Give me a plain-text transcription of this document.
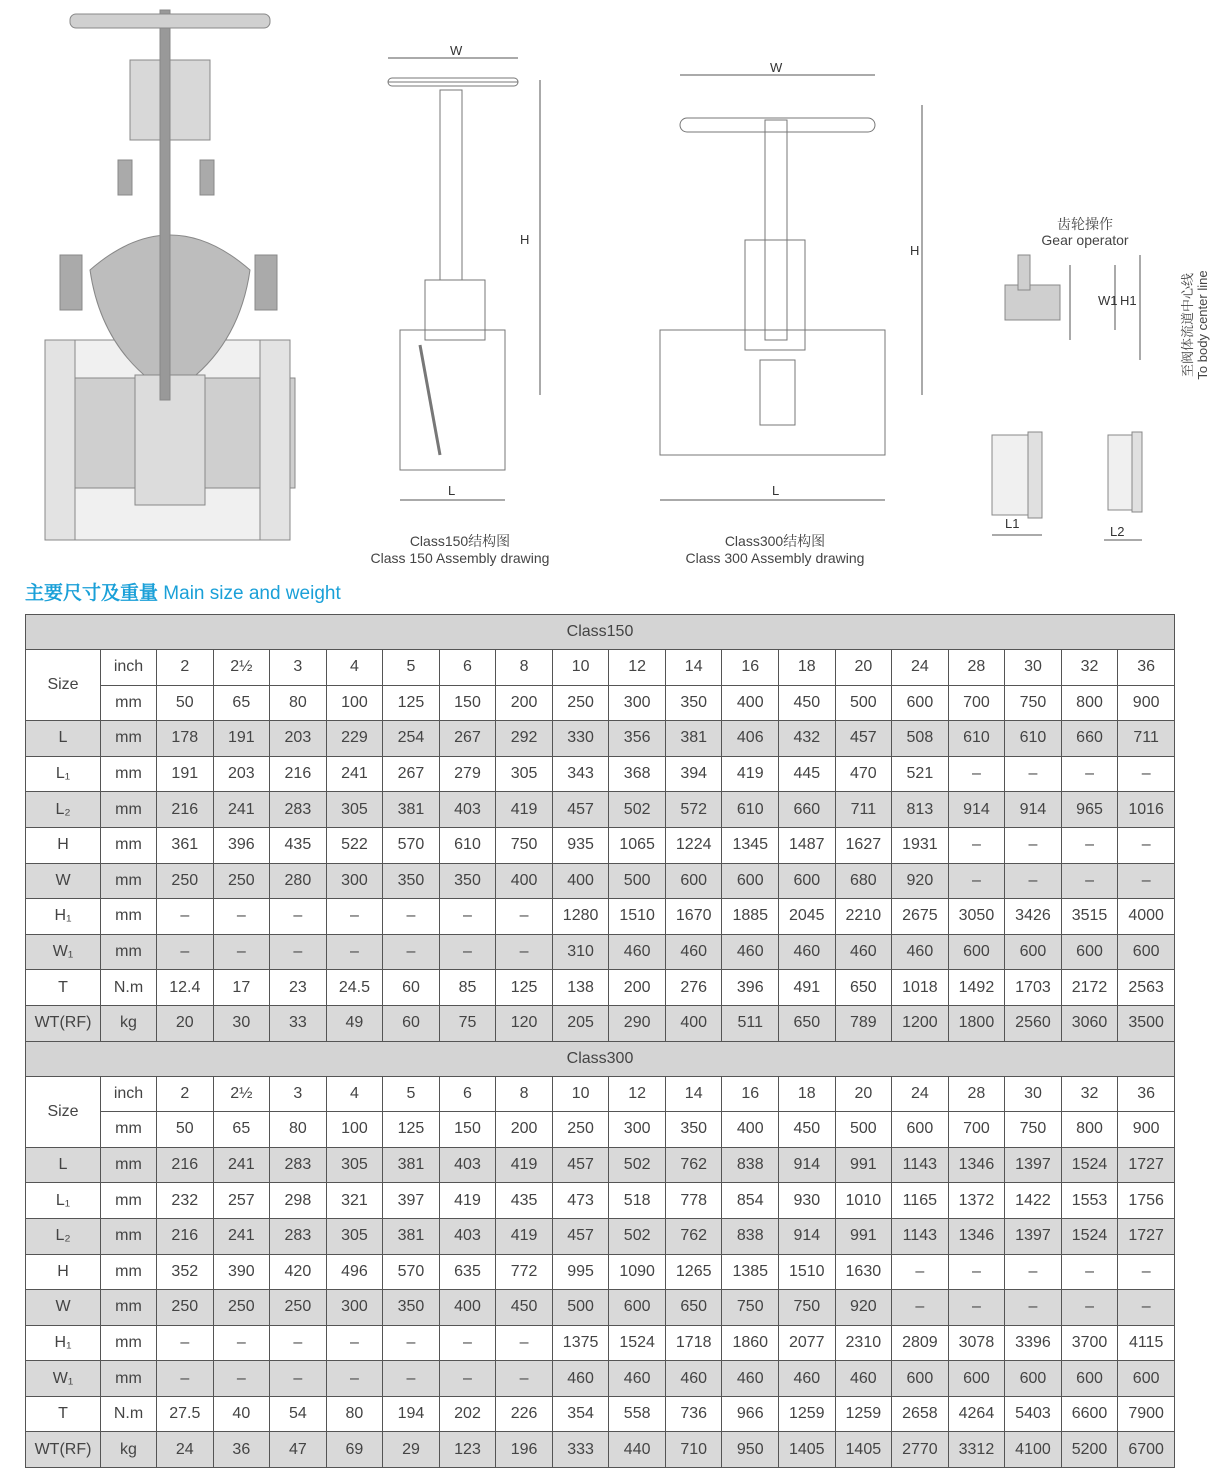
W
H
L
W
H
L
W1 H1
L1
L2
Class150结构图
Class 150 Assembly drawing
Class300结构图
Class 300 Assembly drawing
齿轮操作
Gear operator
至阀体流道中心线 To body center line
主要尺寸及重量 Main size and weight
Class150																			
Size	inch	2	2½	3	4	5	6	8	10	12	14	16	18	20	24	28	30	32	36
	mm	50	65	80	100	125	150	200	250	300	350	400	450	500	600	700	750	800	900
L	mm	178	191	203	229	254	267	292	330	356	381	406	432	457	508	610	610	660	711
L₁	mm	191	203	216	241	267	279	305	343	368	394	419	445	470	521	–	–	–	–
L₂	mm	216	241	283	305	381	403	419	457	502	572	610	660	711	813	914	914	965	1016
H	mm	361	396	435	522	570	610	750	935	1065	1224	1345	1487	1627	1931	–	–	–	–
W	mm	250	250	280	300	350	350	400	400	500	600	600	600	680	920	–	–	–	–
H₁	mm	–	–	–	–	–	–	–	1280	1510	1670	1885	2045	2210	2675	3050	3426	3515	4000
W₁	mm	–	–	–	–	–	–	–	310	460	460	460	460	460	460	600	600	600	600
T	N.m	12.4	17	23	24.5	60	85	125	138	200	276	396	491	650	1018	1492	1703	2172	2563
WT(RF)	kg	20	30	33	49	60	75	120	205	290	400	511	650	789	1200	1800	2560	3060	3500
Class300																			
Size	inch	2	2½	3	4	5	6	8	10	12	14	16	18	20	24	28	30	32	36
	mm	50	65	80	100	125	150	200	250	300	350	400	450	500	600	700	750	800	900
L	mm	216	241	283	305	381	403	419	457	502	762	838	914	991	1143	1346	1397	1524	1727
L₁	mm	232	257	298	321	397	419	435	473	518	778	854	930	1010	1165	1372	1422	1553	1756
L₂	mm	216	241	283	305	381	403	419	457	502	762	838	914	991	1143	1346	1397	1524	1727
H	mm	352	390	420	496	570	635	772	995	1090	1265	1385	1510	1630	–	–	–	–	–
W	mm	250	250	250	300	350	400	450	500	600	650	750	750	920	–	–	–	–	–
H₁	mm	–	–	–	–	–	–	–	1375	1524	1718	1860	2077	2310	2809	3078	3396	3700	4115
W₁	mm	–	–	–	–	–	–	–	460	460	460	460	460	460	600	600	600	600	600
T	N.m	27.5	40	54	80	194	202	226	354	558	736	966	1259	1259	2658	4264	5403	6600	7900
WT(RF)	kg	24	36	47	69	29	123	196	333	440	710	950	1405	1405	2770	3312	4100	5200	6700
